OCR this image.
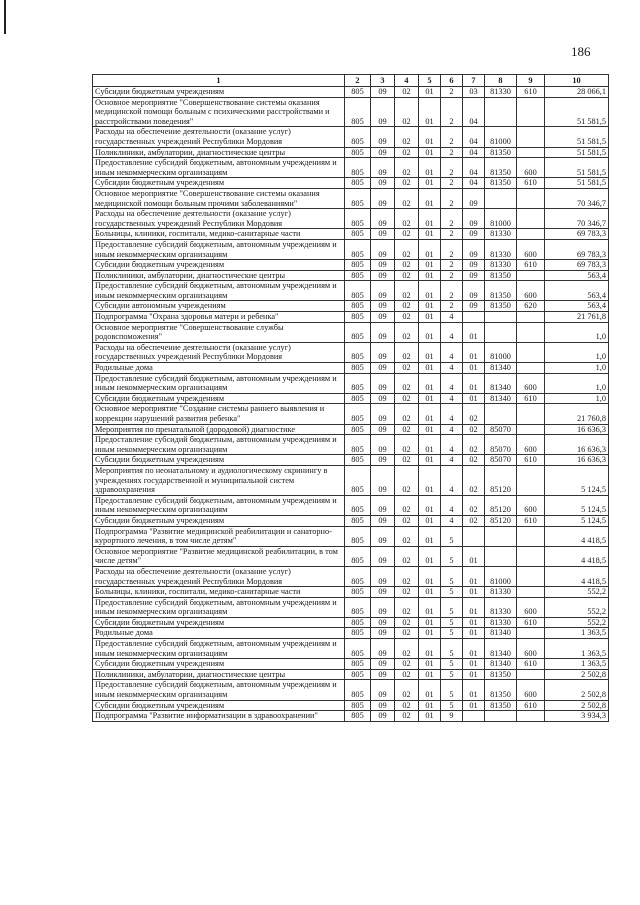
186
1	2	3	4	5	6	7	8	9	10
Субсидии бюджетным учреждениям	805	09	02	01	2	03	81330	610	28 066,1
Основное мероприятие "Совершенствование системы оказания медицинской помощи больным с психическими расстройствами и расстройствами поведения"	805	09	02	01	2	04			51 581,5
Расходы на обеспечение деятельности (оказание услуг) государственных учреждений Республики Мордовия	805	09	02	01	2	04	81000		51 581,5
Поликлиники, амбулатории, диагностические центры	805	09	02	01	2	04	81350		51 581,5
Предоставление субсидий бюджетным, автономным учреждениям и иным некоммерческим организациям	805	09	02	01	2	04	81350	600	51 581,5
Субсидии бюджетным учреждениям	805	09	02	01	2	04	81350	610	51 581,5
Основное мероприятие "Совершенствование системы оказания медицинской помощи больным прочими заболеваниями"	805	09	02	01	2	09			70 346,7
Расходы на обеспечение деятельности (оказание услуг) государственных учреждений Республики Мордовия	805	09	02	01	2	09	81000		70 346,7
Больницы, клиники, госпитали, медико-санитарные части	805	09	02	01	2	09	81330		69 783,3
Предоставление субсидий бюджетным, автономным учреждениям и иным некоммерческим организациям	805	09	02	01	2	09	81330	600	69 783,3
Субсидии бюджетным учреждениям	805	09	02	01	2	09	81330	610	69 783,3
Поликлиники, амбулатории, диагностические центры	805	09	02	01	2	09	81350		563,4
Предоставление субсидий бюджетным, автономным учреждениям и иным некоммерческим организациям	805	09	02	01	2	09	81350	600	563,4
Субсидии автономным учреждениям	805	09	02	01	2	09	81350	620	563,4
Подпрограмма "Охрана здоровья матери и ребенка"	805	09	02	01	4				21 761,8
Основное мероприятие "Совершенствование службы родовспоможения"	805	09	02	01	4	01			1,0
Расходы на обеспечение деятельности (оказание услуг) государственных учреждений Республики Мордовия	805	09	02	01	4	01	81000		1,0
Родильные дома	805	09	02	01	4	01	81340		1,0
Предоставление субсидий бюджетным, автономным учреждениям и иным некоммерческим организациям	805	09	02	01	4	01	81340	600	1,0
Субсидии бюджетным учреждениям	805	09	02	01	4	01	81340	610	1,0
Основное мероприятие "Создание системы раннего выявления и коррекции нарушений развития ребенка"	805	09	02	01	4	02			21 760,8
Мероприятия по пренатальной (дородовой) диагностике	805	09	02	01	4	02	85070		16 636,3
Предоставление субсидий бюджетным, автономным учреждениям и иным некоммерческим организациям	805	09	02	01	4	02	85070	600	16 636,3
Субсидии бюджетным учреждениям	805	09	02	01	4	02	85070	610	16 636,3
Мероприятия по неонатальному и аудиологическому скринингу в учреждениях государственной и муниципальной систем здравоохранения	805	09	02	01	4	02	85120		5 124,5
Предоставление субсидий бюджетным, автономным учреждениям и иным некоммерческим организациям	805	09	02	01	4	02	85120	600	5 124,5
Субсидии бюджетным учреждениям	805	09	02	01	4	02	85120	610	5 124,5
Подпрограмма "Развитие медицинской реабилитации и санаторно-курортного лечения, в том числе детям"	805	09	02	01	5				4 418,5
Основное мероприятие "Развитие медицинской реабилитации, в том числе детям"	805	09	02	01	5	01			4 418,5
Расходы на обеспечение деятельности (оказание услуг) государственных учреждений Республики Мордовия	805	09	02	01	5	01	81000		4 418,5
Больницы, клиники, госпитали, медико-санитарные части	805	09	02	01	5	01	81330		552,2
Предоставление субсидий бюджетным, автономным учреждениям и иным некоммерческим организациям	805	09	02	01	5	01	81330	600	552,2
Субсидии бюджетным учреждениям	805	09	02	01	5	01	81330	610	552,2
Родильные дома	805	09	02	01	5	01	81340		1 363,5
Предоставление субсидий бюджетным, автономным учреждениям и иным некоммерческим организациям	805	09	02	01	5	01	81340	600	1 363,5
Субсидии бюджетным учреждениям	805	09	02	01	5	01	81340	610	1 363,5
Поликлиники, амбулатории, диагностические центры	805	09	02	01	5	01	81350		2 502,8
Предоставление субсидий бюджетным, автономным учреждениям и иным некоммерческим организациям	805	09	02	01	5	01	81350	600	2 502,8
Субсидии бюджетным учреждениям	805	09	02	01	5	01	81350	610	2 502,8
Подпрограмма "Развитие информатизации в здравоохранении"	805	09	02	01	9				3 934,3
